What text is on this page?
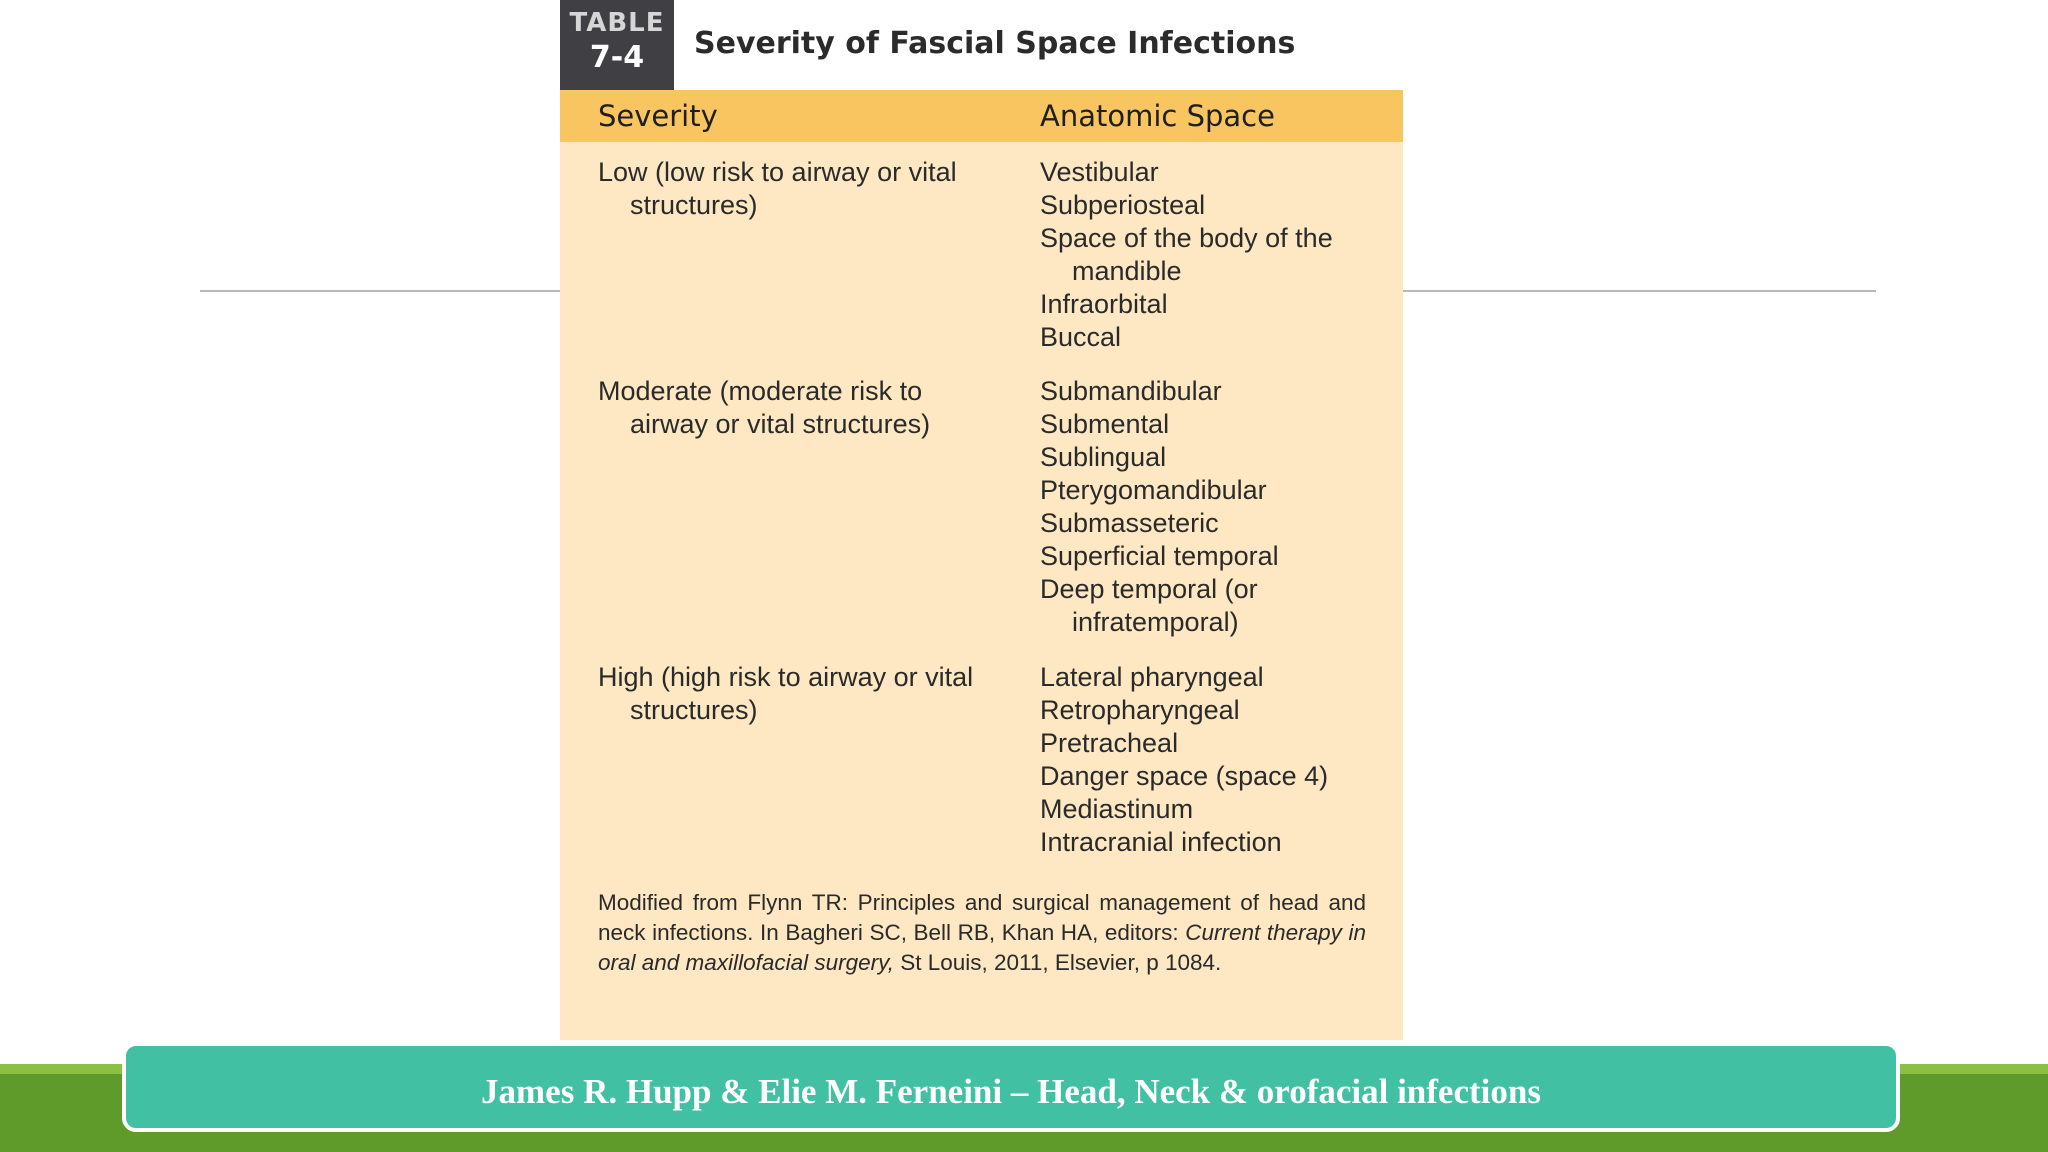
TABLE
7-4	Severity of Fascial Space Infections
Severity	Anatomic Space
Low (low risk to airway or vital
structures)
Vestibular
Subperiosteal
Space of the body of the mandible
Infraorbital
Buccal
Moderate (moderate risk to
airway or vital structures)
Submandibular
Submental
Sublingual
Pterygomandibular
Submasseteric
Superficial temporal
Deep temporal (or infratemporal)
High (high risk to airway or vital
structures)
Lateral pharyngeal
Retropharyngeal
Pretracheal
Danger space (space 4)
Mediastinum
Intracranial infection
Modified from Flynn TR: Principles and surgical management of head and neck infections. In Bagheri SC, Bell RB, Khan HA, editors: Current therapy in oral and maxillofacial surgery, St Louis, 2011, Elsevier, p 1084.
James R. Hupp & Elie M. Ferneini – Head, Neck & orofacial infections
